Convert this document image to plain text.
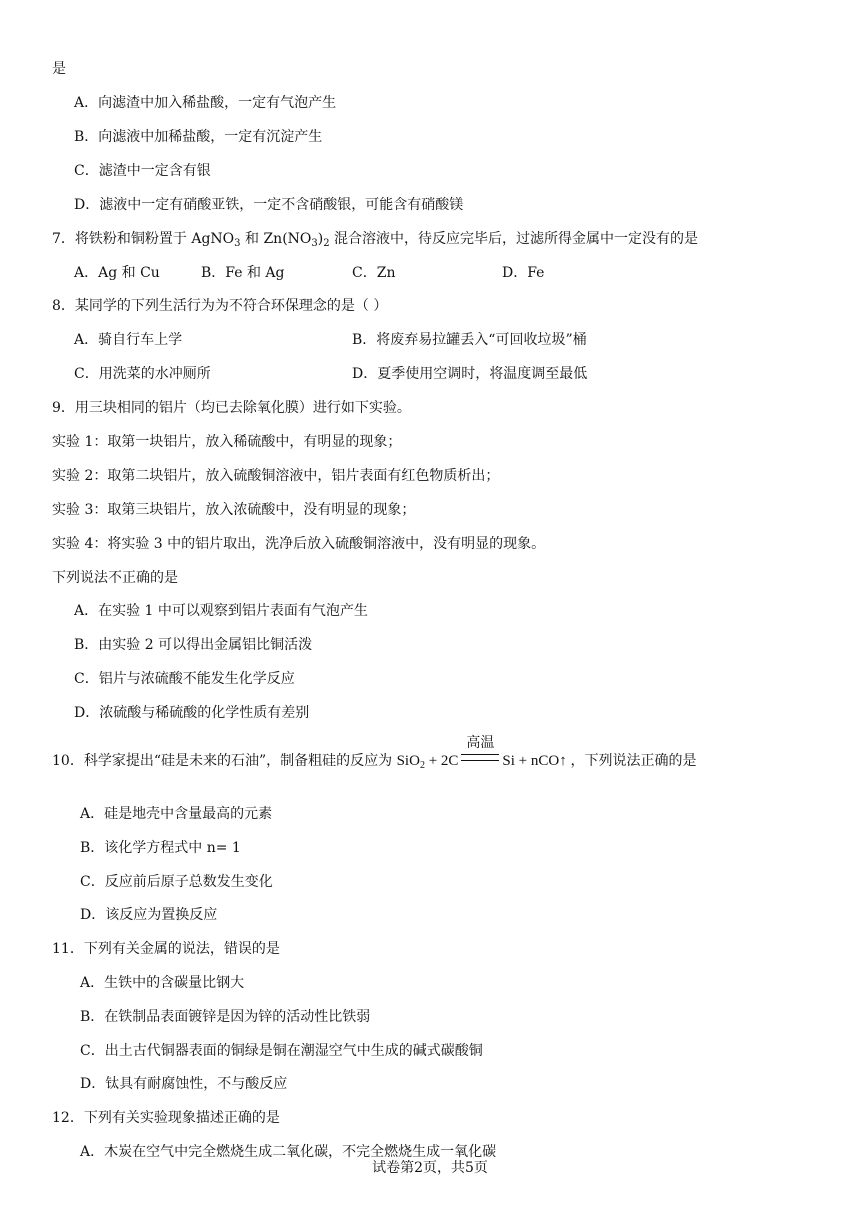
是
A．向滤渣中加入稀盐酸，一定有气泡产生
B．向滤液中加稀盐酸，一定有沉淀产生
C．滤渣中一定含有银
D．滤液中一定有硝酸亚铁，一定不含硝酸银，可能含有硝酸镁
7．将铁粉和铜粉置于 AgNO$_3$ 和 $Zn(NO_3)_2$ 混合溶液中，待反应完毕后，过滤所得金属中一定没有的是
A．Ag 和 Cu	B．Fe 和 Ag	C．Zn	D．Fe
8．某同学的下列生活行为为不符合环保理念的是（ ）
A．骑自行车上学	B．将废弃易拉罐丢入“可回收垃圾”桶
C．用洗菜的水冲厕所	D．夏季使用空调时，将温度调至最低
9．用三块相同的铝片（均已去除氧化膜）进行如下实验。
实验 1：取第一块铝片，放入稀硫酸中，有明显的现象；
实验 2：取第二块铝片，放入硫酸铜溶液中，铝片表面有红色物质析出；
实验 3：取第三块铝片，放入浓硫酸中，没有明显的现象；
实验 4：将实验 3 中的铝片取出，洗净后放入硫酸铜溶液中，没有明显的现象。
下列说法不正确的是
A．在实验 1 中可以观察到铝片表面有气泡产生
B．由实验 2 可以得出金属铝比铜活泼
C．铝片与浓硫酸不能发生化学反应
D．浓硫酸与稀硫酸的化学性质有差别
10．科学家提出“硅是未来的石油”，制备粗硅的反应为 SiO$_2$ + 2C
高温
Si + nCO↑ ，下列说法正确的是
A．硅是地壳中含量最高的元素
B．该化学方程式中 n= 1
C．反应前后原子总数发生变化
D．该反应为置换反应
11．下列有关金属的说法，错误的是
A．生铁中的含碳量比钢大
B．在铁制品表面镀锌是因为锌的活动性比铁弱
C．出土古代铜器表面的铜绿是铜在潮湿空气中生成的碱式碳酸铜
D．钛具有耐腐蚀性，不与酸反应
12．下列有关实验现象描述正确的是
A．木炭在空气中完全燃烧生成二氧化碳，不完全燃烧生成一氧化碳
试卷第2页，共5页
